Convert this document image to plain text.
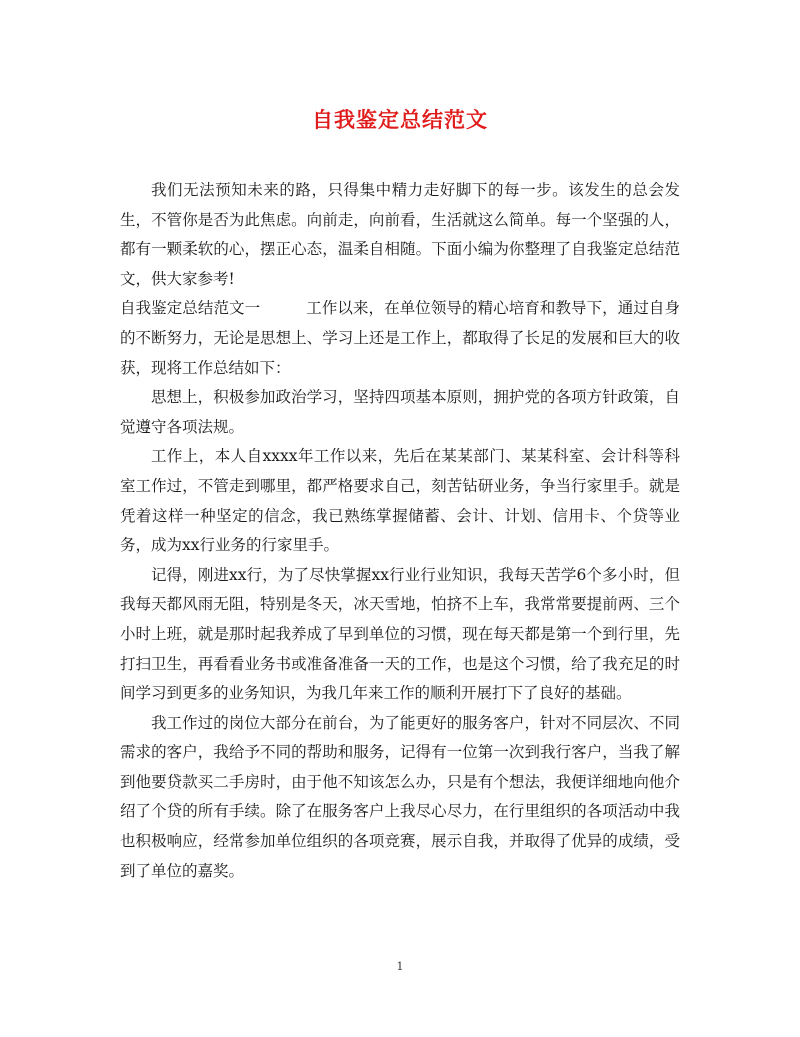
自我鉴定总结范文

我们无法预知未来的路，只得集中精力走好脚下的每一步。该发生的总会发生，不管你是否为此焦虑。向前走，向前看，生活就这么简单。每一个坚强的人，都有一颗柔软的心，摆正心态，温柔自相随。下面小编为你整理了自我鉴定总结范文，供大家参考!

自我鉴定总结范文一	工作以来，在单位领导的精心培育和教导下，通过自身的不断努力，无论是思想上、学习上还是工作上，都取得了长足的发展和巨大的收获，现将工作总结如下：

思想上，积极参加政治学习，坚持四项基本原则，拥护党的各项方针政策，自觉遵守各项法规。

工作上，本人自xxxx年工作以来，先后在某某部门、某某科室、会计科等科室工作过，不管走到哪里，都严格要求自己，刻苦钻研业务，争当行家里手。就是凭着这样一种坚定的信念，我已熟练掌握储蓄、会计、计划、信用卡、个贷等业务，成为xx行业务的行家里手。

记得，刚进xx行，为了尽快掌握xx行业行业知识，我每天苦学6个多小时，但我每天都风雨无阻，特别是冬天，冰天雪地，怕挤不上车，我常常要提前两、三个小时上班，就是那时起我养成了早到单位的习惯，现在每天都是第一个到行里，先打扫卫生，再看看业务书或准备准备一天的工作，也是这个习惯，给了我充足的时间学习到更多的业务知识，为我几年来工作的顺利开展打下了良好的基础。

我工作过的岗位大部分在前台，为了能更好的服务客户，针对不同层次、不同需求的客户，我给予不同的帮助和服务，记得有一位第一次到我行客户，当我了解到他要贷款买二手房时，由于他不知该怎么办，只是有个想法，我便详细地向他介绍了个贷的所有手续。除了在服务客户上我尽心尽力，在行里组织的各项活动中我也积极响应，经常参加单位组织的各项竞赛，展示自我，并取得了优异的成绩，受到了单位的嘉奖。

1
